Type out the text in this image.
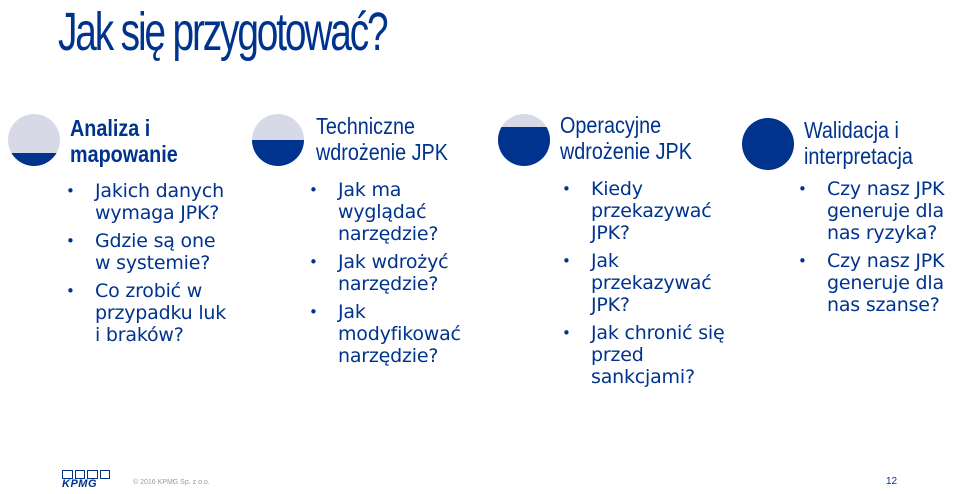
Jak się przygotować?
Analiza i
mapowanie
• Jakich danych wymaga JPK?
• Gdzie są one w systemie?
• Co zrobić w przypadku luk i braków?
Techniczne
wdrożenie JPK
• Jak ma wyglądać narzędzie?
• Jak wdrożyć narzędzie?
• Jak modyfikować narzędzie?
Operacyjne
wdrożenie JPK
• Kiedy przekazywać JPK?
• Jak przekazywać JPK?
• Jak chronić się przed sankcjami?
Walidacja i
interpretacja
• Czy nasz JPK generuje dla nas ryzyka?
• Czy nasz JPK generuje dla nas szanse?
KPMG	© 2016 KPMG Sp. z o.o.	12
